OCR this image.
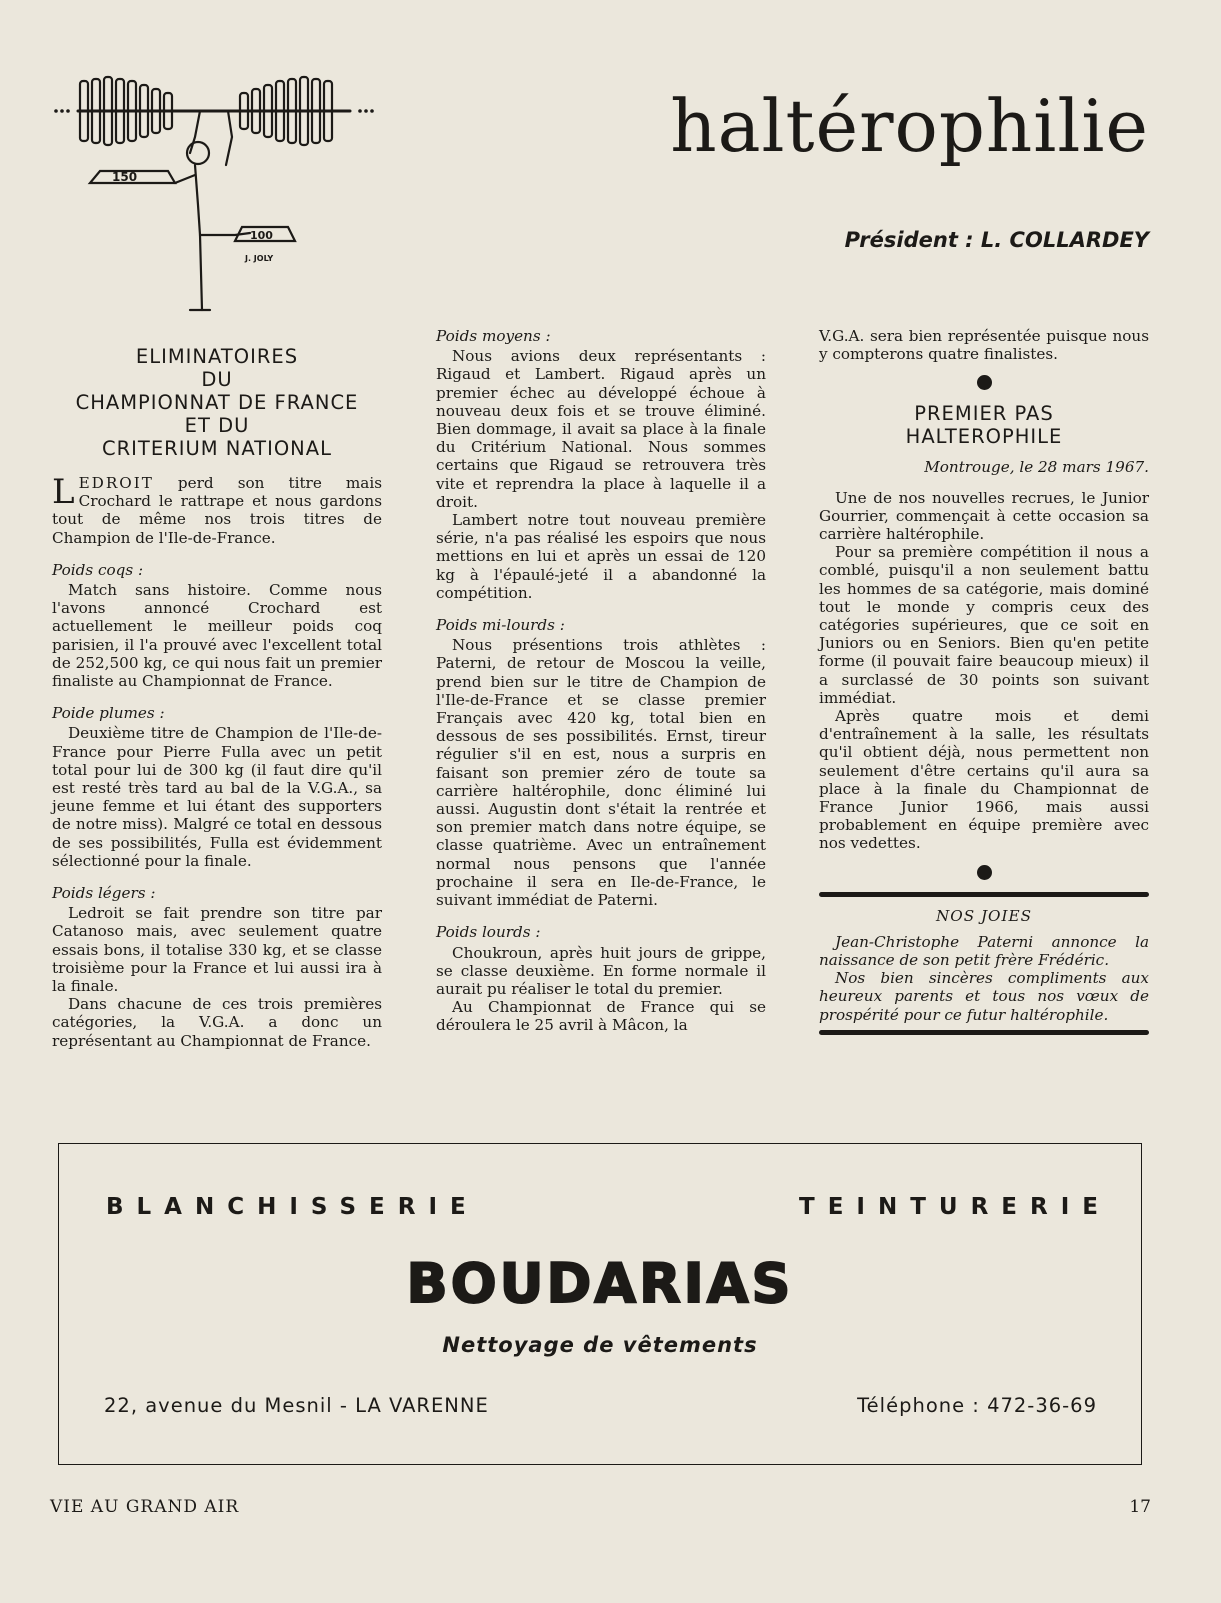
150
100
J. JOLY
haltérophilie
Président : L. COLLARDEY
ELIMINATOIRES
DU
CHAMPIONNAT DE FRANCE
ET DU
CRITERIUM NATIONAL

LEDROIT perd son titre mais Crochard le rattrape et nous gardons tout de même nos trois titres de Champion de l'Ile-de-France.

Poids coqs :

Match sans histoire. Comme nous l'avons annoncé Crochard est actuellement le meilleur poids coq parisien, il l'a prouvé avec l'excellent total de 252,500 kg, ce qui nous fait un premier finaliste au Championnat de France.

Poide plumes :

Deuxième titre de Champion de l'Ile-de-France pour Pierre Fulla avec un petit total pour lui de 300 kg (il faut dire qu'il est resté très tard au bal de la V.G.A., sa jeune femme et lui étant des supporters de notre miss). Malgré ce total en dessous de ses possibilités, Fulla est évidemment sélectionné pour la finale.

Poids légers :

Ledroit se fait prendre son titre par Catanoso mais, avec seulement quatre essais bons, il totalise 330 kg, et se classe troisième pour la France et lui aussi ira à la finale.

Dans chacune de ces trois premières catégories, la V.G.A. a donc un représentant au Championnat de France.

Poids moyens :

Nous avions deux représentants : Rigaud et Lambert. Rigaud après un premier échec au développé échoue à nouveau deux fois et se trouve éliminé. Bien dommage, il avait sa place à la finale du Critérium National. Nous sommes certains que Rigaud se retrouvera très vite et reprendra la place à laquelle il a droit.

Lambert notre tout nouveau première série, n'a pas réalisé les espoirs que nous mettions en lui et après un essai de 120 kg à l'épaulé-jeté il a abandonné la compétition.

Poids mi-lourds :

Nous présentions trois athlètes : Paterni, de retour de Moscou la veille, prend bien sur le titre de Champion de l'Ile-de-France et se classe premier Français avec 420 kg, total bien en dessous de ses possibilités. Ernst, tireur régulier s'il en est, nous a surpris en faisant son premier zéro de toute sa carrière haltérophile, donc éliminé lui aussi. Augustin dont s'était la rentrée et son premier match dans notre équipe, se classe quatrième. Avec un entraînement normal nous pensons que l'année prochaine il sera en Ile-de-France, le suivant immédiat de Paterni.

Poids lourds :

Choukroun, après huit jours de grippe, se classe deuxième. En forme normale il aurait pu réaliser le total du premier.

Au Championnat de France qui se déroulera le 25 avril à Mâcon, la

V.G.A. sera bien représentée puisque nous y compterons quatre finalistes.

PREMIER PAS
HALTEROPHILE
Montrouge, le 28 mars 1967.

Une de nos nouvelles recrues, le Junior Gourrier, commençait à cette occasion sa carrière haltérophile.

Pour sa première compétition il nous a comblé, puisqu'il a non seulement battu les hommes de sa catégorie, mais dominé tout le monde y compris ceux des catégories supérieures, que ce soit en Juniors ou en Seniors. Bien qu'en petite forme (il pouvait faire beaucoup mieux) il a surclassé de 30 points son suivant immédiat.

Après quatre mois et demi d'entraînement à la salle, les résultats qu'il obtient déjà, nous permettent non seulement d'être certains qu'il aura sa place à la finale du Championnat de France Junior 1966, mais aussi probablement en équipe première avec nos vedettes.

NOS JOIES

Jean-Christophe Paterni annonce la naissance de son petit frère Frédéric.

Nos bien sincères compliments aux heureux parents et tous nos vœux de prospérité pour ce futur haltérophile.

BLANCHISSERIE	TEINTURERIE
BOUDARIAS
Nettoyage de vêtements
22, avenue du Mesnil - LA VARENNE	Téléphone : 472-36-69
VIE AU GRAND AIR	17
